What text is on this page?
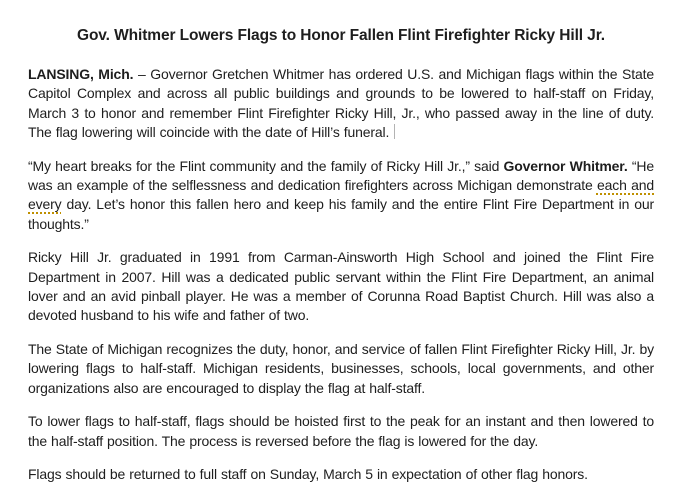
Gov. Whitmer Lowers Flags to Honor Fallen Flint Firefighter Ricky Hill Jr.

LANSING, Mich. – Governor Gretchen Whitmer has ordered U.S. and Michigan flags within the State Capitol Complex and across all public buildings and grounds to be lowered to half-staff on Friday, March 3 to honor and remember Flint Firefighter Ricky Hill, Jr., who passed away in the line of duty. The flag lowering will coincide with the date of Hill’s funeral.

“My heart breaks for the Flint community and the family of Ricky Hill Jr.,” said Governor Whitmer. “He was an example of the selflessness and dedication firefighters across Michigan demonstrate each and every day. Let’s honor this fallen hero and keep his family and the entire Flint Fire Department in our thoughts.”

Ricky Hill Jr. graduated in 1991 from Carman-Ainsworth High School and joined the Flint Fire Department in 2007. Hill was a dedicated public servant within the Flint Fire Department, an animal lover and an avid pinball player. He was a member of Corunna Road Baptist Church. Hill was also a devoted husband to his wife and father of two.

The State of Michigan recognizes the duty, honor, and service of fallen Flint Firefighter Ricky Hill, Jr. by lowering flags to half-staff. Michigan residents, businesses, schools, local governments, and other organizations also are encouraged to display the flag at half-staff.

To lower flags to half-staff, flags should be hoisted first to the peak for an instant and then lowered to the half-staff position. The process is reversed before the flag is lowered for the day.

Flags should be returned to full staff on Sunday, March 5 in expectation of other flag honors.
